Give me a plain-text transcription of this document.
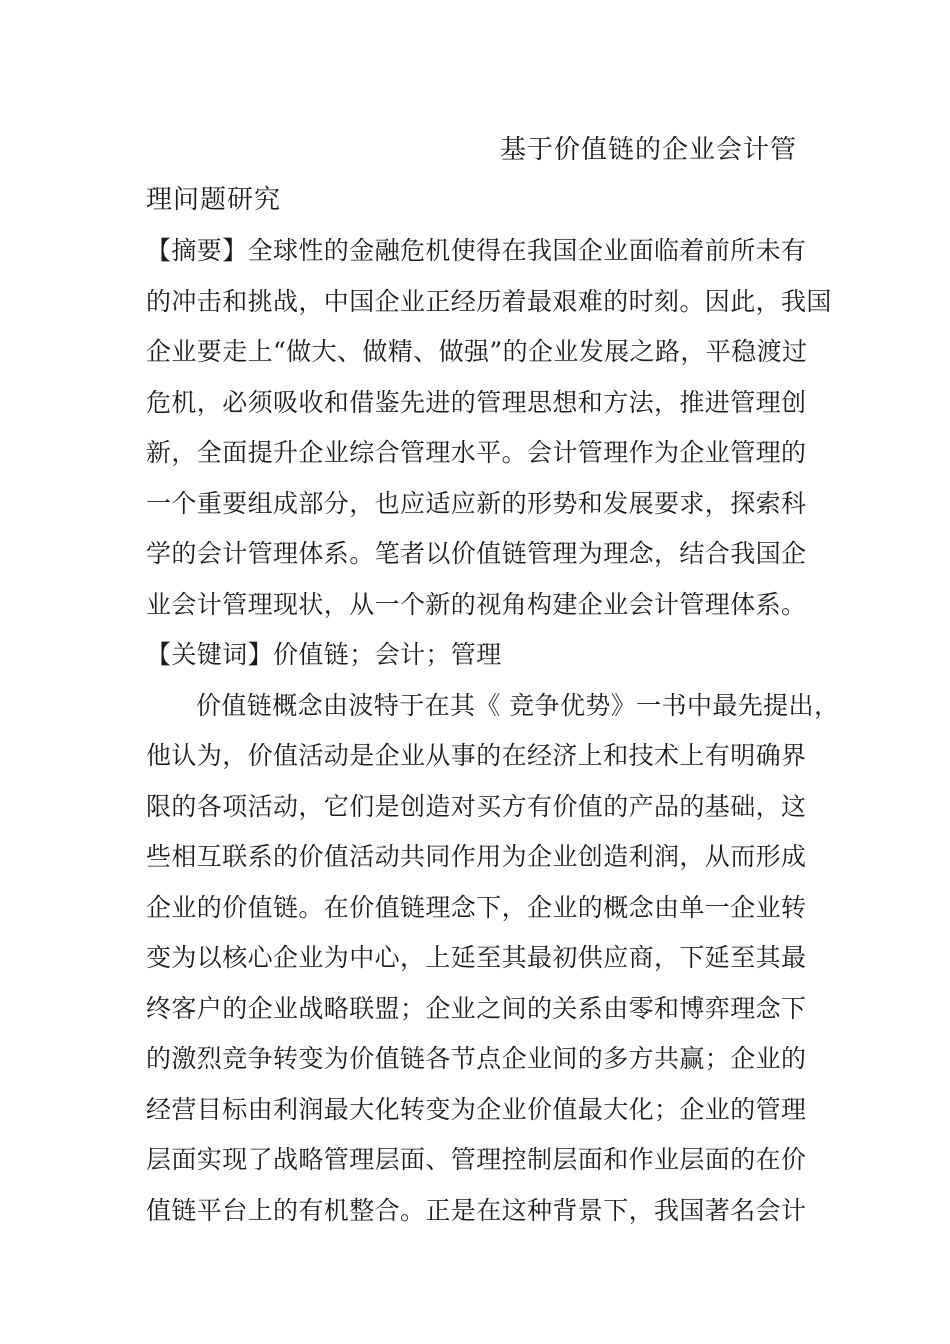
基于价值链的企业会计管
理问题研究
【摘要】全球性的金融危机使得在我国企业面临着前所未有
的冲击和挑战，中国企业正经历着最艰难的时刻。因此，我国
企业要走上“做大、做精、做强”的企业发展之路，平稳渡过
危机，必须吸收和借鉴先进的管理思想和方法，推进管理创
新，全面提升企业综合管理水平。会计管理作为企业管理的
一个重要组成部分，也应适应新的形势和发展要求，探索科
学的会计管理体系。笔者以价值链管理为理念，结合我国企
业会计管理现状，从一个新的视角构建企业会计管理体系。
【关键词】价值链；会计；管理
价值链概念由波特于在其《 竞争优势》一书中最先提出，
他认为，价值活动是企业从事的在经济上和技术上有明确界
限的各项活动，它们是创造对买方有价值的产品的基础，这
些相互联系的价值活动共同作用为企业创造利润，从而形成
企业的价值链。在价值链理念下，企业的概念由单一企业转
变为以核心企业为中心，上延至其最初供应商，下延至其最
终客户的企业战略联盟；企业之间的关系由零和博弈理念下
的激烈竞争转变为价值链各节点企业间的多方共赢；企业的
经营目标由利润最大化转变为企业价值最大化；企业的管理
层面实现了战略管理层面、管理控制层面和作业层面的在价
值链平台上的有机整合。正是在这种背景下，我国著名会计
